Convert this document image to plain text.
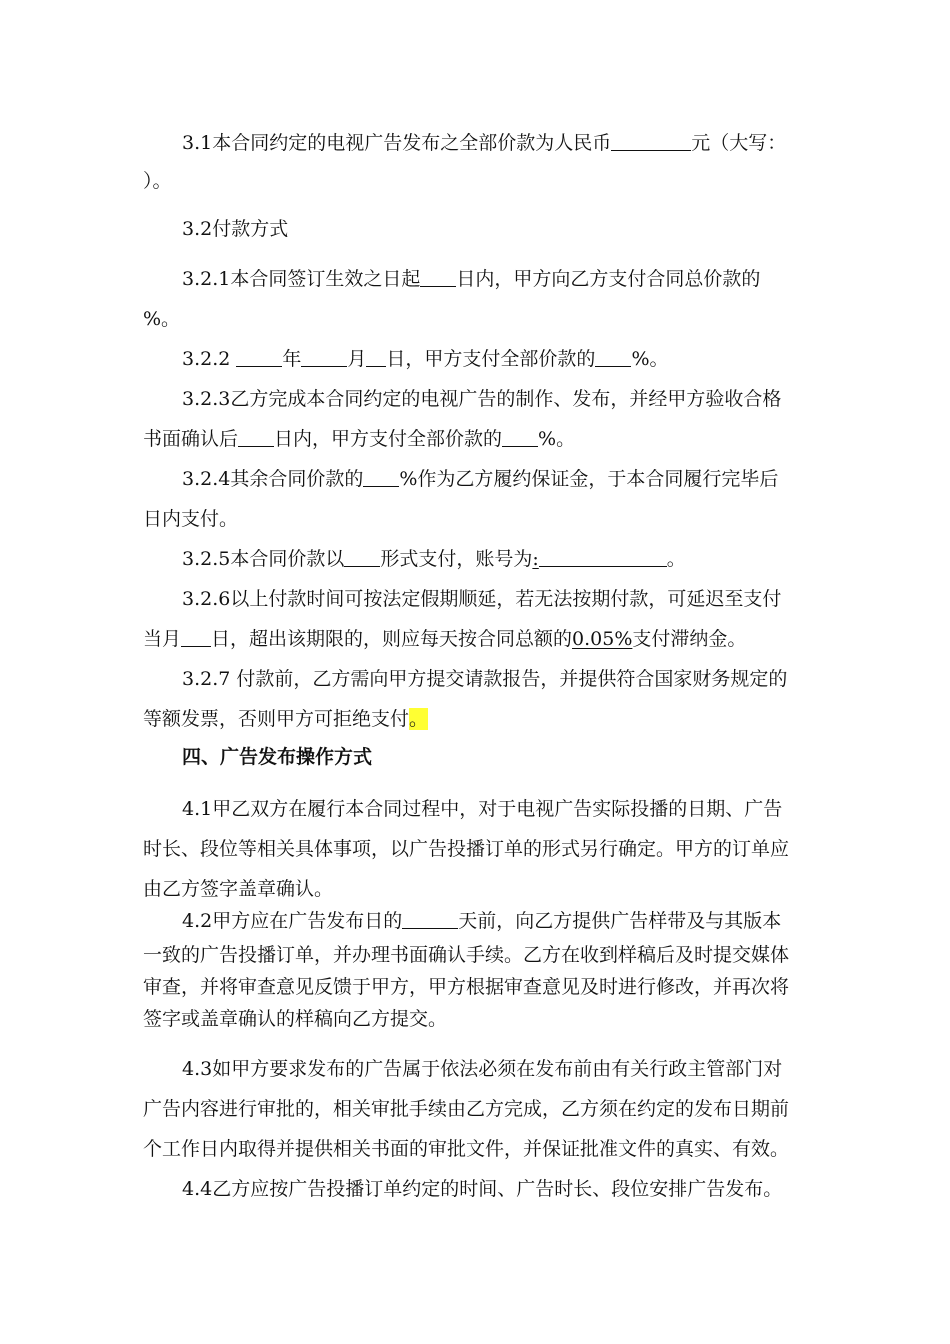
3.1本合同约定的电视广告发布之全部价款为人民币	元（大写：
）。
3.2付款方式
3.2.1本合同签订生效之日起 日内，甲方向乙方支付合同总价款的
%。
3.2.2 年 月 日，甲方支付全部价款的 %。
3.2.3乙方完成本合同约定的电视广告的制作、发布，并经甲方验收合格
书面确认后 日内，甲方支付全部价款的 %。
3.2.4其余合同价款的 %作为乙方履约保证金，于本合同履行完毕后
日内支付。
3.2.5本合同价款以 形式支付，账号为:	。
3.2.6以上付款时间可按法定假期顺延，若无法按期付款，可延迟至支付
当月 日，超出该期限的，则应每天按合同总额的0.05%支付滞纳金。
3.2.7 付款前，乙方需向甲方提交请款报告，并提供符合国家财务规定的
等额发票，否则甲方可拒绝支付。
四、广告发布操作方式
4.1甲乙双方在履行本合同过程中，对于电视广告实际投播的日期、广告
时长、段位等相关具体事项，以广告投播订单的形式另行确定。甲方的订单应
由乙方签字盖章确认。
4.2甲方应在广告发布日的	天前，向乙方提供广告样带及与其版本
一致的广告投播订单，并办理书面确认手续。乙方在收到样稿后及时提交媒体
审查，并将审查意见反馈于甲方，甲方根据审查意见及时进行修改，并再次将
签字或盖章确认的样稿向乙方提交。
4.3如甲方要求发布的广告属于依法必须在发布前由有关行政主管部门对
广告内容进行审批的，相关审批手续由乙方完成，乙方须在约定的发布日期前
个工作日内取得并提供相关书面的审批文件，并保证批准文件的真实、有效。
4.4乙方应按广告投播订单约定的时间、广告时长、段位安排广告发布。
